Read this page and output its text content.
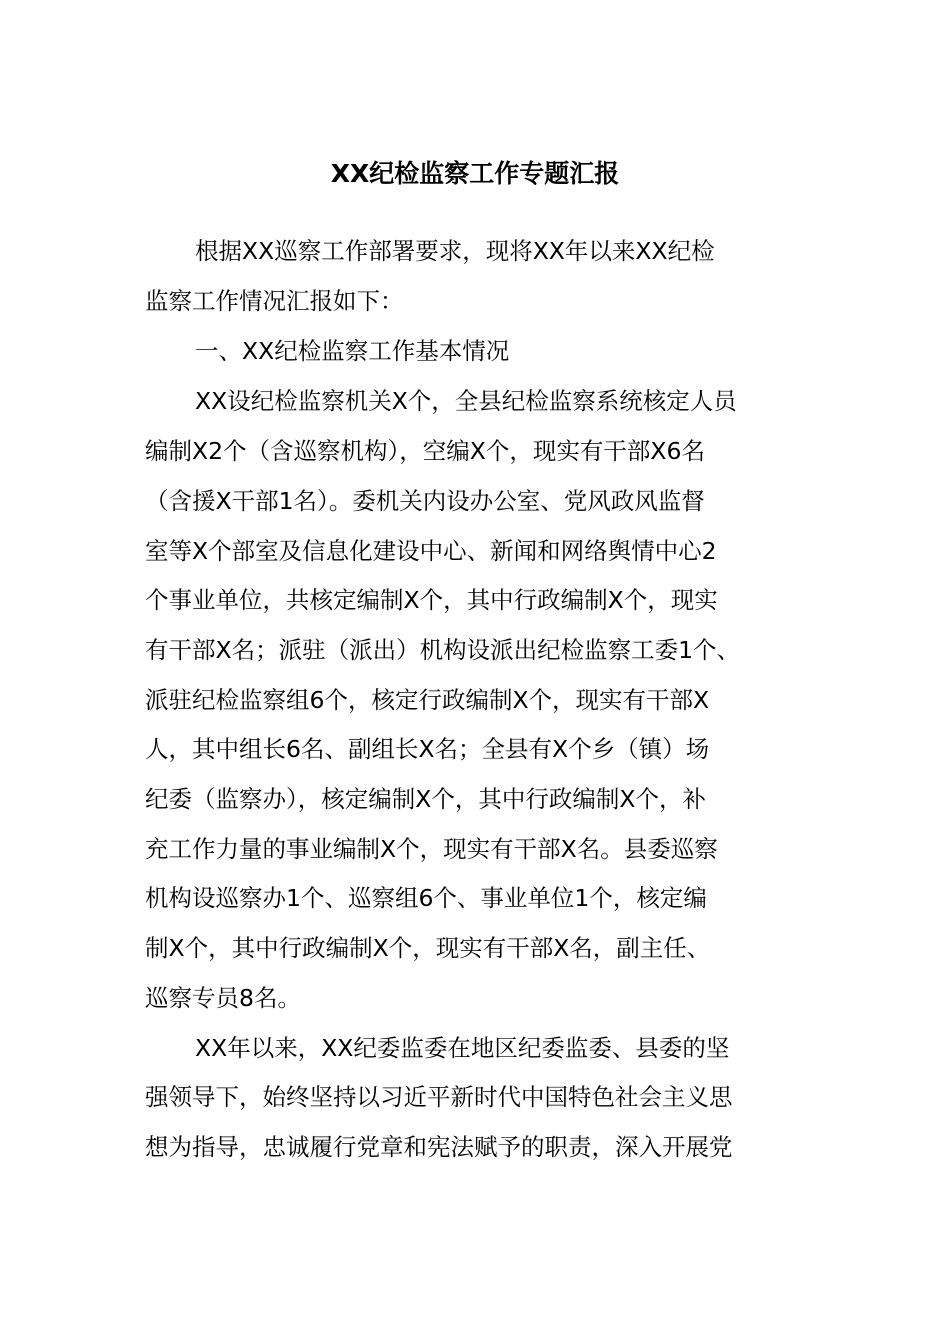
XX纪检监察工作专题汇报

根据XX巡察工作部署要求，现将XX年以来XX纪检

监察工作情况汇报如下：

一、XX纪检监察工作基本情况

XX设纪检监察机关X个，全县纪检监察系统核定人员

编制X2个（含巡察机构），空编X个，现实有干部X6名

（含援X干部1名）。委机关内设办公室、党风政风监督

室等X个部室及信息化建设中心、新闻和网络舆情中心2

个事业单位，共核定编制X个，其中行政编制X个，现实

有干部X名；派驻（派出）机构设派出纪检监察工委1个、

派驻纪检监察组6个，核定行政编制X个，现实有干部X

人，其中组长6名、副组长X名；全县有X个乡（镇）场

纪委（监察办），核定编制X个，其中行政编制X个，补

充工作力量的事业编制X个，现实有干部X名。县委巡察

机构设巡察办1个、巡察组6个、事业单位1个，核定编

制X个，其中行政编制X个，现实有干部X名，副主任、

巡察专员8名。

XX年以来，XX纪委监委在地区纪委监委、县委的坚

强领导下，始终坚持以习近平新时代中国特色社会主义思

想为指导，忠诚履行党章和宪法赋予的职责，深入开展党
